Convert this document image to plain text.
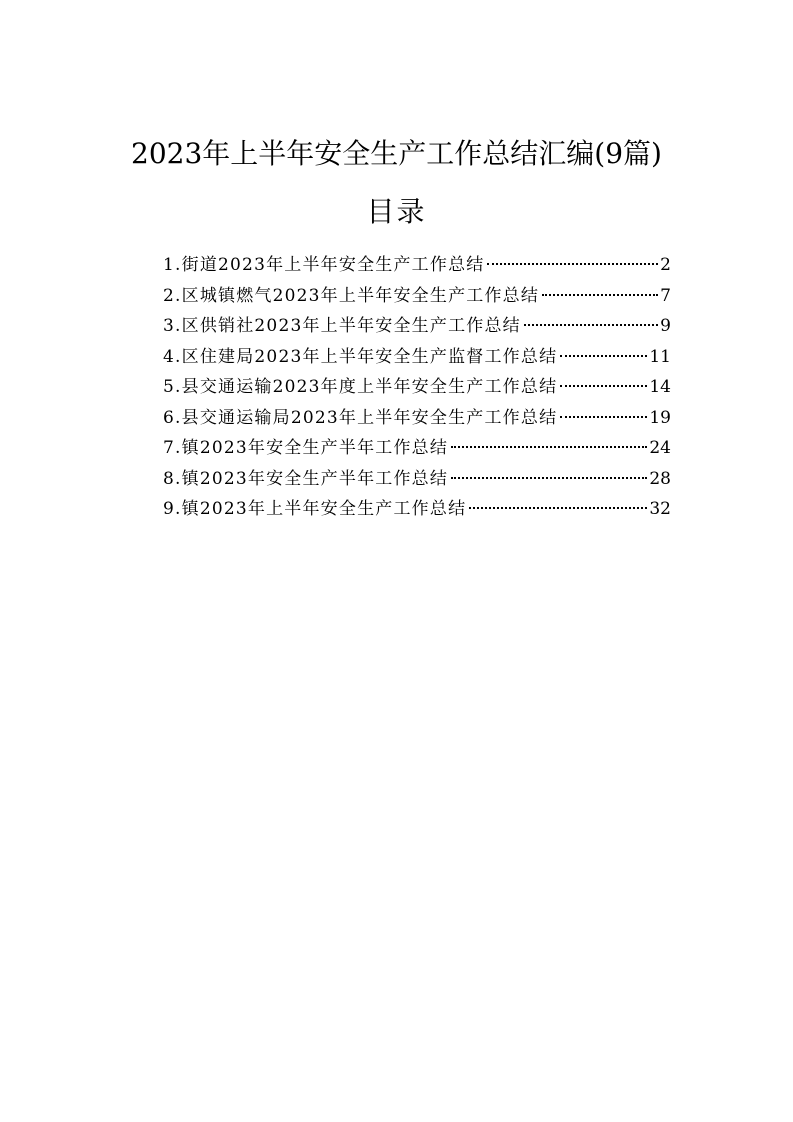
2023年上半年安全生产工作总结汇编(9篇)
目录
1.街道2023年上半年安全生产工作总结	2
2.区城镇燃气2023年上半年安全生产工作总结	7
3.区供销社2023年上半年安全生产工作总结	9
4.区住建局2023年上半年安全生产监督工作总结	11
5.县交通运输2023年度上半年安全生产工作总结	14
6.县交通运输局2023年上半年安全生产工作总结	19
7.镇2023年安全生产半年工作总结	24
8.镇2023年安全生产半年工作总结	28
9.镇2023年上半年安全生产工作总结	32
